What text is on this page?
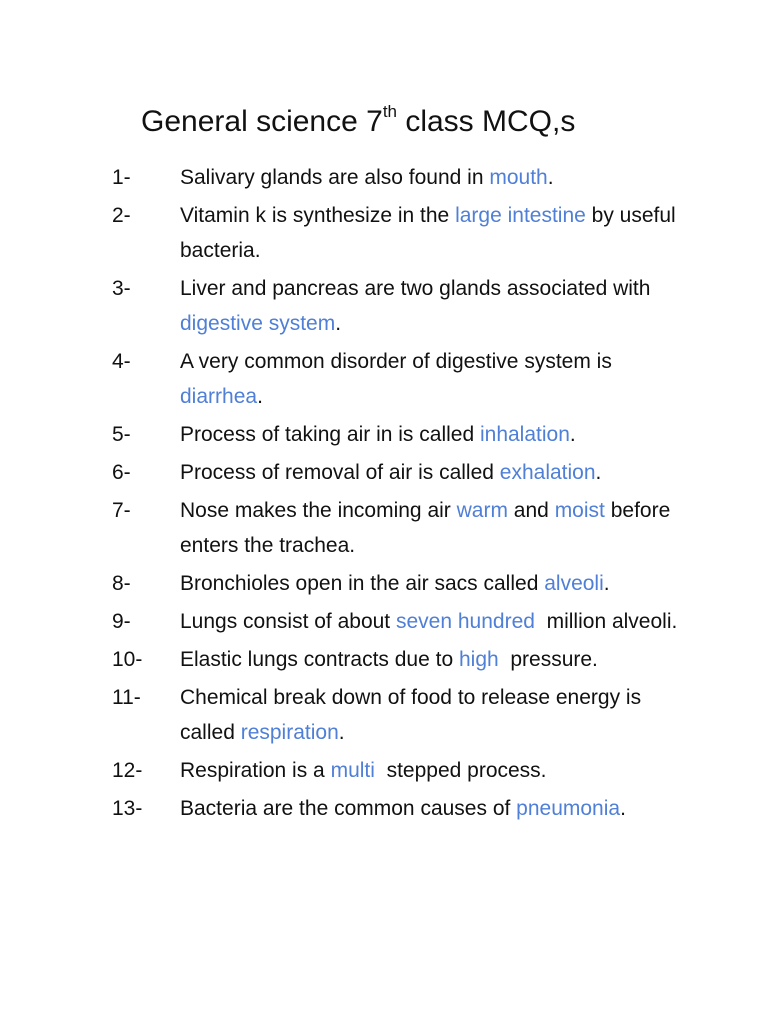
General science 7th class MCQ,s
1-	Salivary glands are also found in mouth.
2-	Vitamin k is synthesize in the large intestine by useful bacteria.
3-	Liver and pancreas are two glands associated with digestive system.
4-	A very common disorder of digestive system is diarrhea.
5-	Process of taking air in is called inhalation.
6-	Process of removal of air is called exhalation.
7-	Nose makes the incoming air warm and moist before enters the trachea.
8-	Bronchioles open in the air sacs called alveoli.
9-	Lungs consist of about seven hundred  million alveoli.
10-	Elastic lungs contracts due to high  pressure.
11-	Chemical break down of food to release energy is called respiration.
12-	Respiration is a multi  stepped process.
13-	Bacteria are the common causes of pneumonia.
